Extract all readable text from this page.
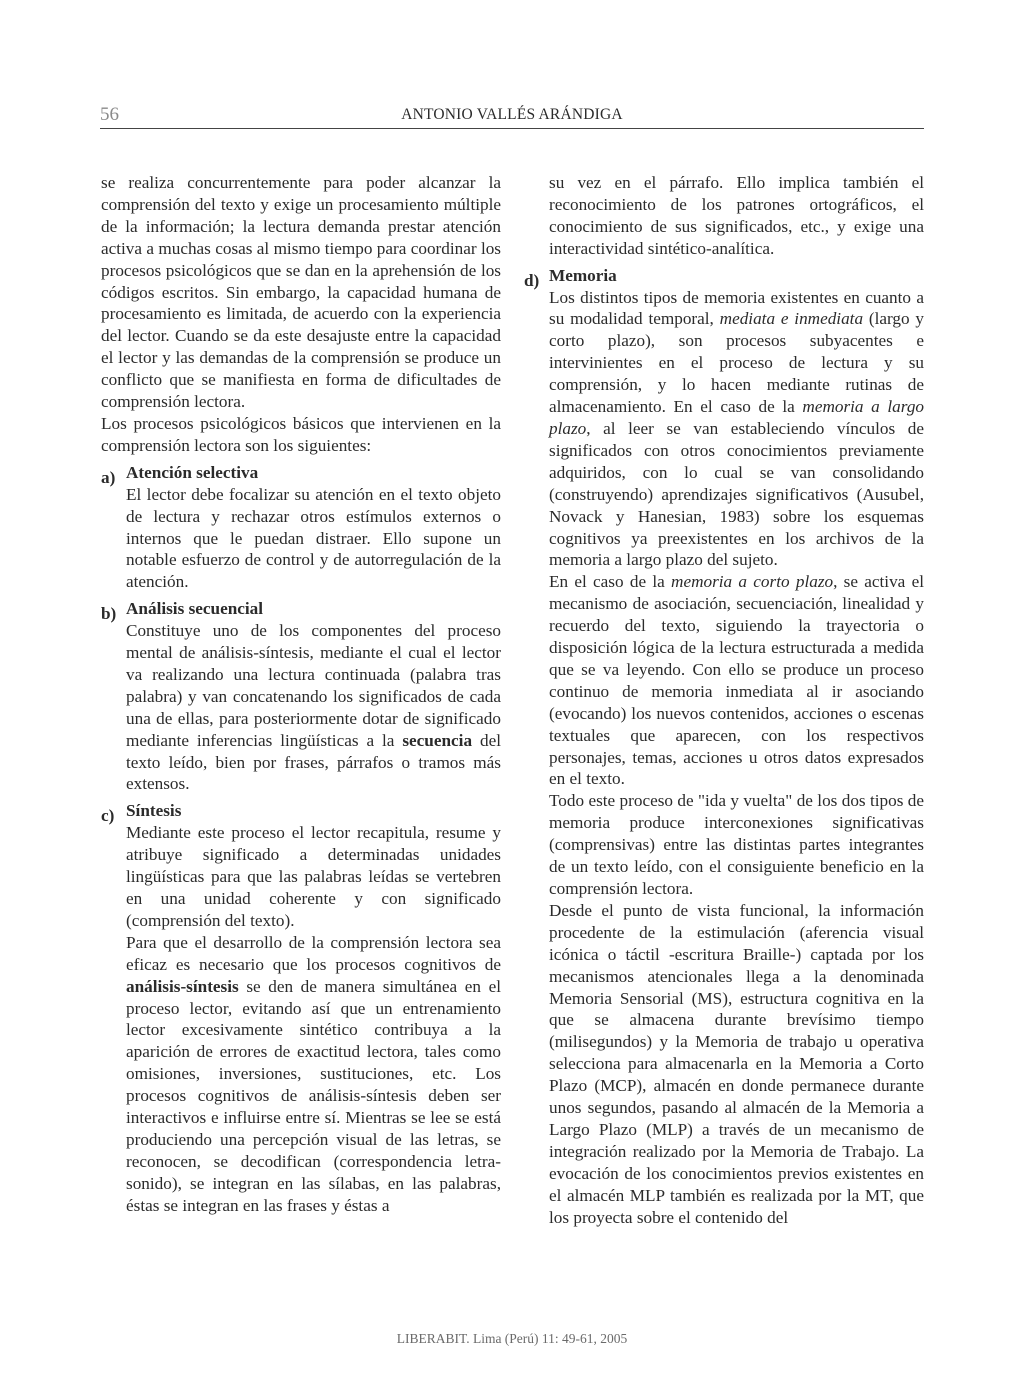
56	ANTONIO VALLÉS ARÁNDIGA

se realiza concurrentemente para poder alcanzar la comprensión del texto y exige un procesamiento múltiple de la información; la lectura demanda prestar atención activa a muchas cosas al mismo tiempo para coordinar los procesos psicológicos que se dan en la aprehensión de los códigos escritos. Sin embargo, la capacidad humana de procesamiento es limitada, de acuerdo con la experiencia del lector. Cuando se da este desajuste entre la capacidad el lector y las demandas de la comprensión se produce un conflicto que se manifiesta en forma de dificultades de comprensión lectora.

Los procesos psicológicos básicos que intervienen en la comprensión lectora son los siguientes:

a) Atención selectiva

El lector debe focalizar su atención en el texto objeto de lectura y rechazar otros estímulos externos o internos que le puedan distraer. Ello supone un notable esfuerzo de control y de autorregulación de la atención.

b) Análisis secuencial

Constituye uno de los componentes del proceso mental de análisis-síntesis, mediante el cual el lector va realizando una lectura continuada (palabra tras palabra) y van concatenando los significados de cada una de ellas, para posteriormente dotar de significado mediante inferencias lingüísticas a la secuencia del texto leído, bien por frases, párrafos o tramos más extensos.

c) Síntesis

Mediante este proceso el lector recapitula, resume y atribuye significado a determinadas unidades lingüísticas para que las palabras leídas se vertebren en una unidad coherente y con significado (comprensión del texto).

Para que el desarrollo de la comprensión lectora sea eficaz es necesario que los procesos cognitivos de análisis-síntesis se den de manera simultánea en el proceso lector, evitando así que un entrenamiento lector excesivamente sintético contribuya a la aparición de errores de exactitud lectora, tales como omisiones, inversiones, sustituciones, etc. Los procesos cognitivos de análisis-síntesis deben ser interactivos e influirse entre sí. Mientras se lee se está produciendo una percepción visual de las letras, se reconocen, se decodifican (correspondencia letra-sonido), se integran en las sílabas, en las palabras, éstas se integran en las frases y éstas a

su vez en el párrafo. Ello implica también el reconocimiento de los patrones ortográficos, el conocimiento de sus significados, etc., y exige una interactividad sintético-analítica.

d) Memoria

Los distintos tipos de memoria existentes en cuanto a su modalidad temporal, mediata e inmediata (largo y corto plazo), son procesos subyacentes e intervinientes en el proceso de lectura y su comprensión, y lo hacen mediante rutinas de almacenamiento. En el caso de la memoria a largo plazo, al leer se van estableciendo vínculos de significados con otros conocimientos previamente adquiridos, con lo cual se van consolidando (construyendo) aprendizajes significativos (Ausubel, Novack y Hanesian, 1983) sobre los esquemas cognitivos ya preexistentes en los archivos de la memoria a largo plazo del sujeto.

En el caso de la memoria a corto plazo, se activa el mecanismo de asociación, secuenciación, linealidad y recuerdo del texto, siguiendo la trayectoria o disposición lógica de la lectura estructurada a medida que se va leyendo. Con ello se produce un proceso continuo de memoria inmediata al ir asociando (evocando) los nuevos contenidos, acciones o escenas textuales que aparecen, con los respectivos personajes, temas, acciones u otros datos expresados en el texto.

Todo este proceso de "ida y vuelta" de los dos tipos de memoria produce interconexiones significativas (comprensivas) entre las distintas partes integrantes de un texto leído, con el consiguiente beneficio en la comprensión lectora.

Desde el punto de vista funcional, la información procedente de la estimulación (aferencia visual icónica o táctil -escritura Braille-) captada por los mecanismos atencionales llega a la denominada Memoria Sensorial (MS), estructura cognitiva en la que se almacena durante brevísimo tiempo (milisegundos) y la Memoria de trabajo u operativa selecciona para almacenarla en la Memoria a Corto Plazo (MCP), almacén en donde permanece durante unos segundos, pasando al almacén de la Memoria a Largo Plazo (MLP) a través de un mecanismo de integración realizado por la Memoria de Trabajo. La evocación de los conocimientos previos existentes en el almacén MLP también es realizada por la MT, que los proyecta sobre el contenido del

LIBERABIT. Lima (Perú) 11: 49-61, 2005
